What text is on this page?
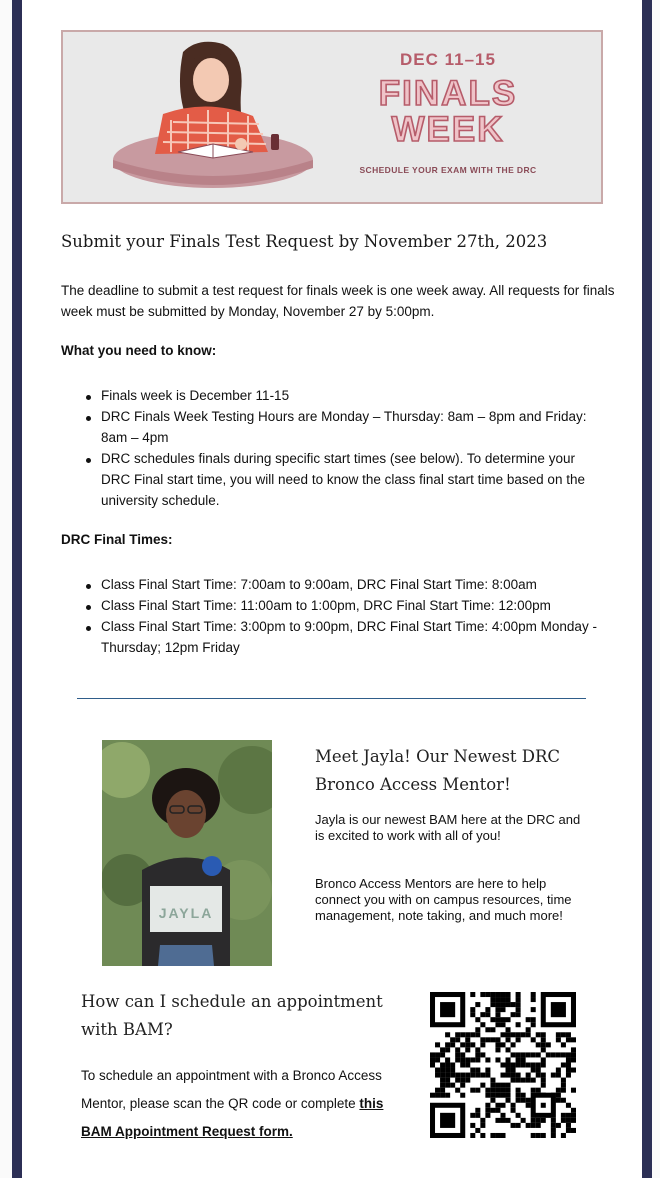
DEC 11–15
FINALS
WEEK
SCHEDULE YOUR EXAM WITH THE DRC
Submit your Finals Test Request by November 27th, 2023

The deadline to submit a test request for finals week is one week away. All requests for finals week must be submitted by Monday, November 27 by 5:00pm.

What you need to know:

Finals week is December 11-15
DRC Finals Week Testing Hours are Monday – Thursday: 8am – 8pm and Friday: 8am – 4pm
DRC schedules finals during specific start times (see below). To determine your DRC Final start time, you will need to know the class final start time based on the university schedule.

DRC Final Times:

Class Final Start Time: 7:00am to 9:00am, DRC Final Start Time: 8:00am
Class Final Start Time: 11:00am to 1:00pm, DRC Final Start Time: 12:00pm
Class Final Start Time: 3:00pm to 9:00pm, DRC Final Start Time: 4:00pm Monday - Thursday; 12pm Friday
JAYLA
Meet Jayla! Our Newest DRC Bronco Access Mentor!

Jayla is our newest BAM here at the DRC and is excited to work with all of you!

Bronco Access Mentors are here to help connect you with on campus resources, time management, note taking, and much more!

How can I schedule an appointment with BAM?

To schedule an appointment with a Bronco Access Mentor, please scan the QR code or complete this BAM Appointment Request form.
